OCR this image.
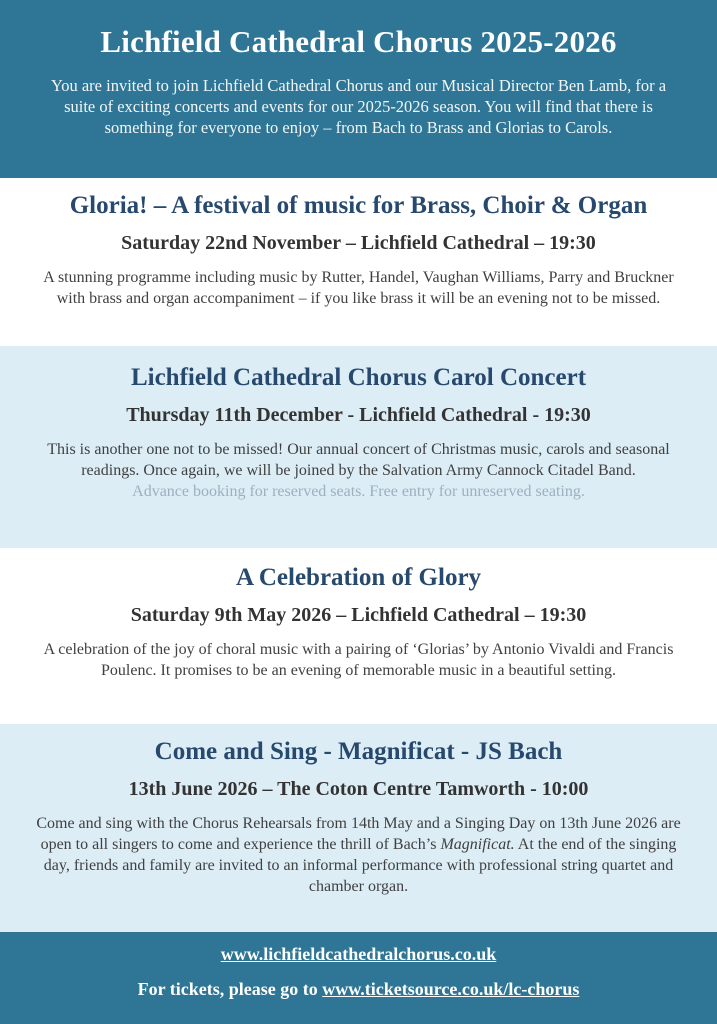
Lichfield Cathedral Chorus 2025-2026

You are invited to join Lichfield Cathedral Chorus and our Musical Director Ben Lamb, for a suite of exciting concerts and events for our 2025-2026 season. You will find that there is something for everyone to enjoy – from Bach to Brass and Glorias to Carols.

Gloria! – A festival of music for Brass, Choir & Organ
Saturday 22nd November – Lichfield Cathedral – 19:30

A stunning programme including music by Rutter, Handel, Vaughan Williams, Parry and Bruckner with brass and organ accompaniment – if you like brass it will be an evening not to be missed.

Lichfield Cathedral Chorus Carol Concert
Thursday 11th December - Lichfield Cathedral - 19:30

This is another one not to be missed! Our annual concert of Christmas music, carols and seasonal readings. Once again, we will be joined by the Salvation Army Cannock Citadel Band.

Advance booking for reserved seats. Free entry for unreserved seating.

A Celebration of Glory
Saturday 9th May 2026 – Lichfield Cathedral – 19:30

A celebration of the joy of choral music with a pairing of ‘Glorias’ by Antonio Vivaldi and Francis Poulenc. It promises to be an evening of memorable music in a beautiful setting.

Come and Sing - Magnificat - JS Bach
13th June 2026 – The Coton Centre Tamworth - 10:00

Come and sing with the Chorus Rehearsals from 14th May and a Singing Day on 13th June 2026 are open to all singers to come and experience the thrill of Bach’s Magnificat. At the end of the singing day, friends and family are invited to an informal performance with professional string quartet and chamber organ.

www.lichfieldcathedralchorus.co.uk
For tickets, please go to www.ticketsource.co.uk/lc-chorus
